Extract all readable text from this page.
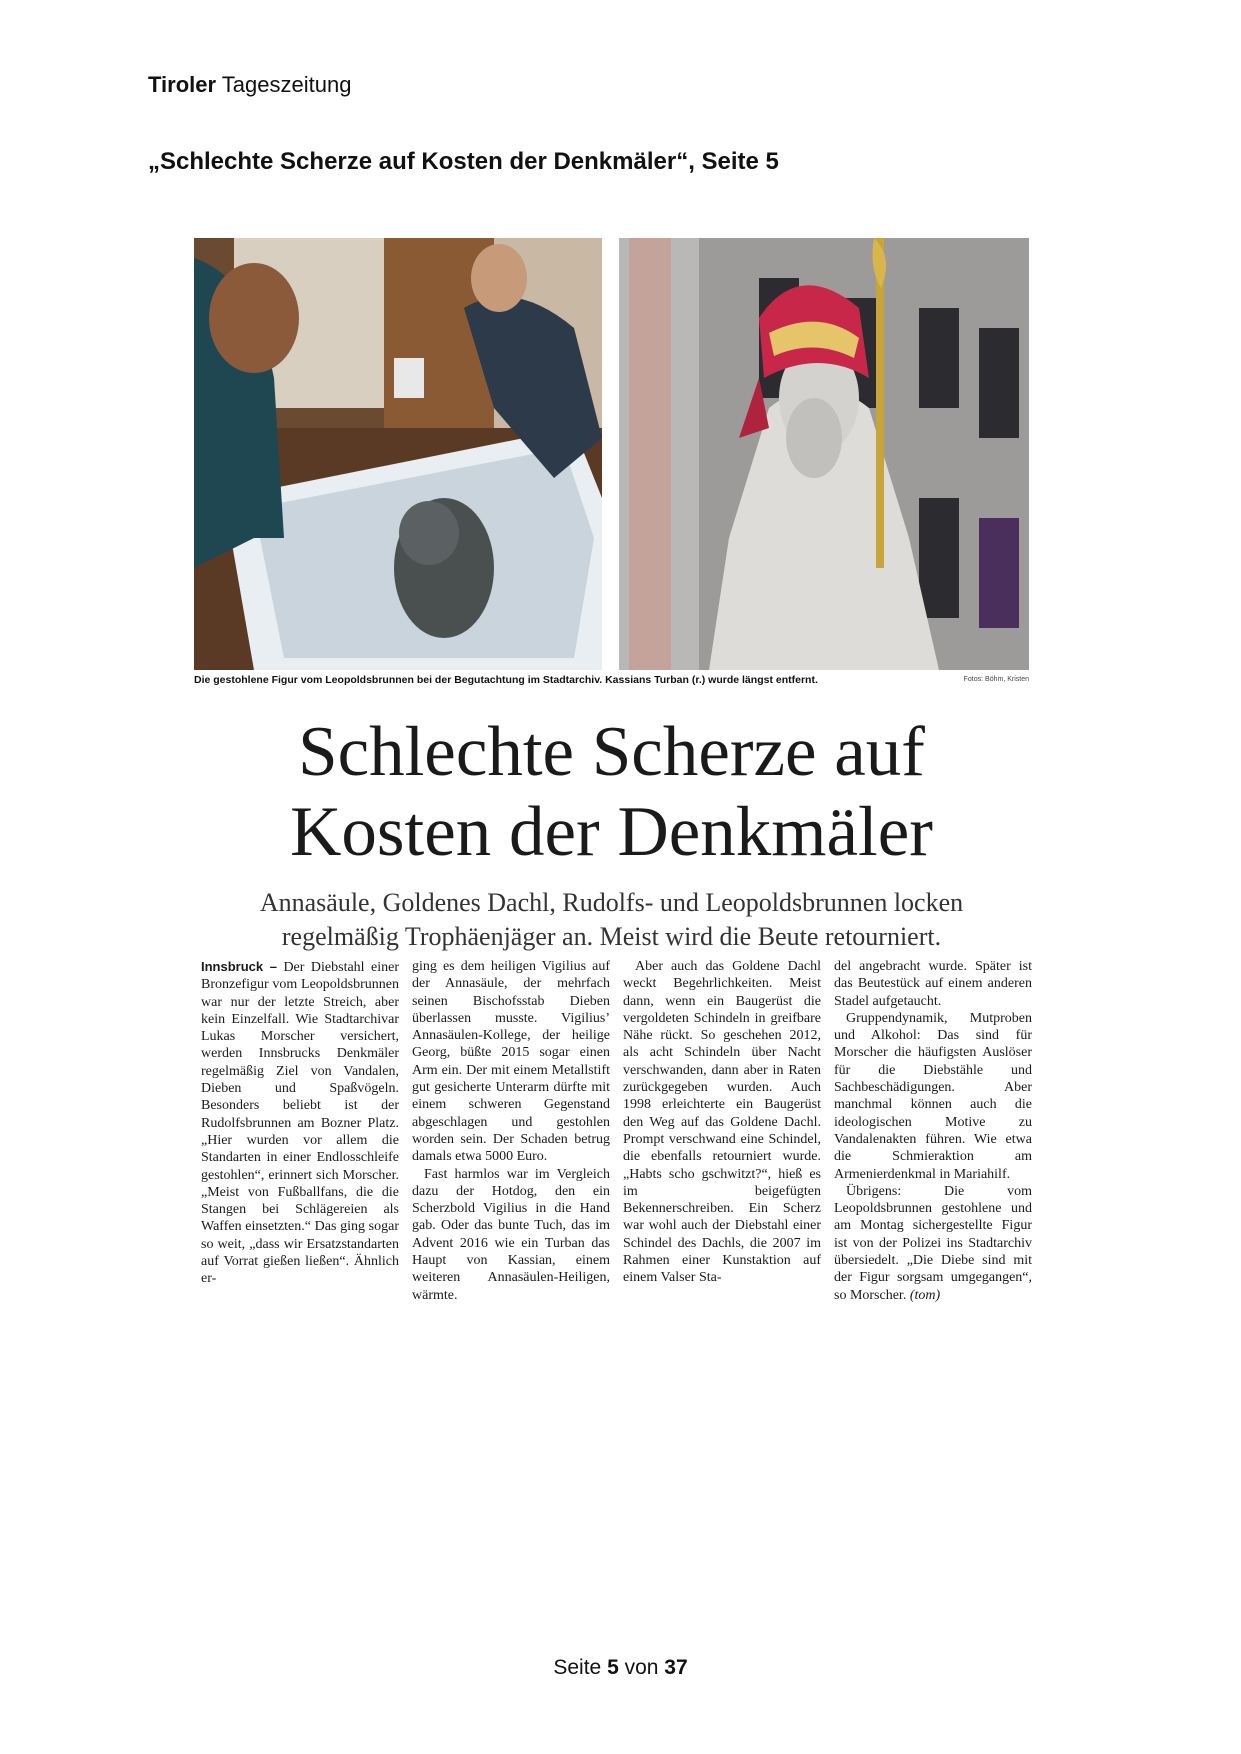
Tiroler Tageszeitung
„Schlechte Scherze auf Kosten der Denkmäler“, Seite 5
Die gestohlene Figur vom Leopoldsbrunnen bei der Begutachtung im Stadtarchiv. Kassians Turban (r.) wurde längst entfernt.	Fotos: Böhm, Kristen
Schlechte Scherze auf
Kosten der Denkmäler
Annasäule, Goldenes Dachl, Rudolfs- und Leopoldsbrunnen locken
regelmäßig Trophäenjäger an. Meist wird die Beute retourniert.

Innsbruck – Der Diebstahl einer Bronzefigur vom Leopoldsbrunnen war nur der letzte Streich, aber kein Einzelfall. Wie Stadtarchivar Lukas Morscher versichert, werden Innsbrucks Denkmäler regelmäßig Ziel von Vandalen, Dieben und Spaßvögeln. Besonders beliebt ist der Rudolfsbrunnen am Bozner Platz. „Hier wurden vor allem die Standarten in einer Endlosschleife gestohlen“, erinnert sich Morscher. „Meist von Fußballfans, die die Stangen bei Schlägereien als Waffen einsetzten.“ Das ging sogar so weit, „dass wir Ersatzstandarten auf Vorrat gießen ließen“. Ähnlich er-

ging es dem heiligen Vigilius auf der Annasäule, der mehrfach seinen Bischofsstab Dieben überlassen musste. Vigilius’ Annasäulen-Kollege, der heilige Georg, büßte 2015 sogar einen Arm ein. Der mit einem Metallstift gut gesicherte Unterarm dürfte mit einem schweren Gegenstand abgeschlagen und gestohlen worden sein. Der Schaden betrug damals etwa 5000 Euro.

Fast harmlos war im Vergleich dazu der Hotdog, den ein Scherzbold Vigilius in die Hand gab. Oder das bunte Tuch, das im Advent 2016 wie ein Turban das Haupt von Kassian, einem weiteren Annasäulen-Heiligen, wärmte.

Aber auch das Goldene Dachl weckt Begehrlichkeiten. Meist dann, wenn ein Baugerüst die vergoldeten Schindeln in greifbare Nähe rückt. So geschehen 2012, als acht Schindeln über Nacht verschwanden, dann aber in Raten zurückgegeben wurden. Auch 1998 erleichterte ein Baugerüst den Weg auf das Goldene Dachl. Prompt verschwand eine Schindel, die ebenfalls retourniert wurde. „Habts scho gschwitzt?“, hieß es im beigefügten Bekennerschreiben. Ein Scherz war wohl auch der Diebstahl einer Schindel des Dachls, die 2007 im Rahmen einer Kunstaktion auf einem Valser Sta-

del angebracht wurde. Später ist das Beutestück auf einem anderen Stadel aufgetaucht.

Gruppendynamik, Mutproben und Alkohol: Das sind für Morscher die häufigsten Auslöser für die Diebstähle und Sachbeschädigungen. Aber manchmal können auch die ideologischen Motive zu Vandalenakten führen. Wie etwa die Schmieraktion am Armenierdenkmal in Mariahilf.

Übrigens: Die vom Leopoldsbrunnen gestohlene und am Montag sichergestellte Figur ist von der Polizei ins Stadtarchiv übersiedelt. „Die Diebe sind mit der Figur sorgsam umgegangen“, so Morscher. (tom)

Seite 5 von 37
